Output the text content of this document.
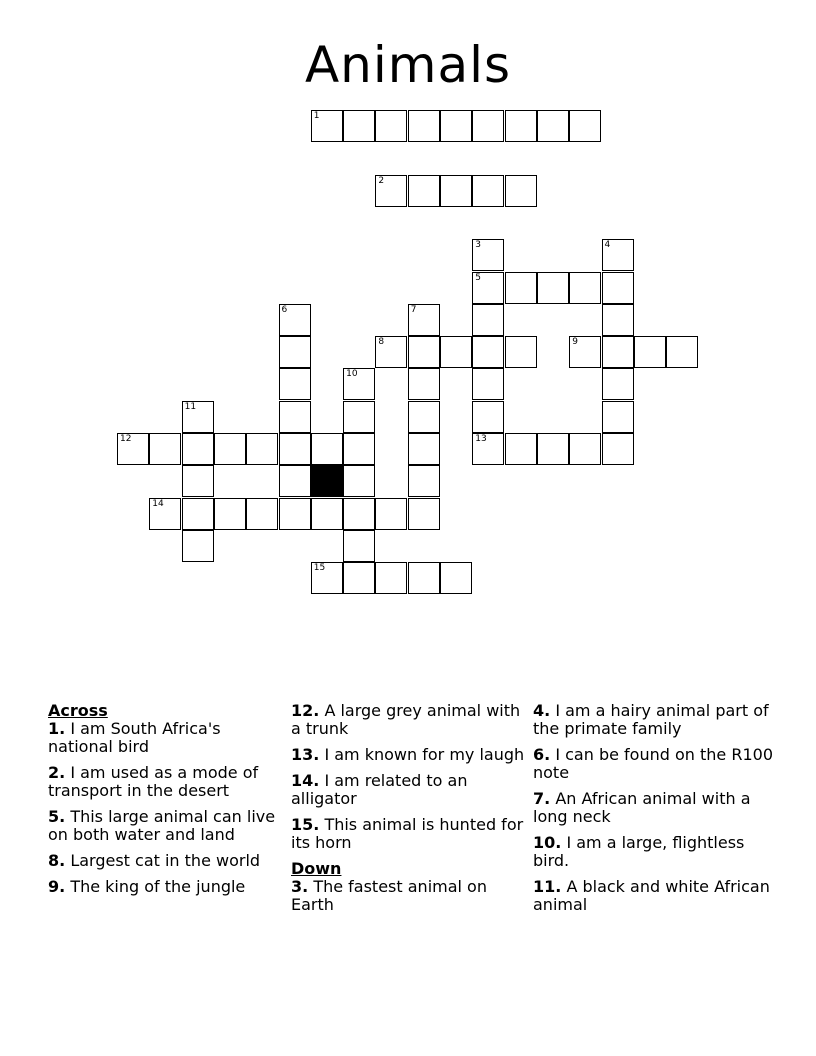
Animals
1
2
3	4
5
6	7
8	9
10
11
12	13
14
15
Across
1. I am South Africa's national bird
2. I am used as a mode of transport in the desert
5. This large animal can live on both water and land
8. Largest cat in the world
9. The king of the jungle
12. A large grey animal with a trunk
13. I am known for my laugh
14. I am related to an alligator
15. This animal is hunted for its horn
Down
3. The fastest animal on Earth
4. I am a hairy animal part of the primate family
6. I can be found on the R100 note
7. An African animal with a long neck
10. I am a large, flightless bird.
11. A black and white African animal
